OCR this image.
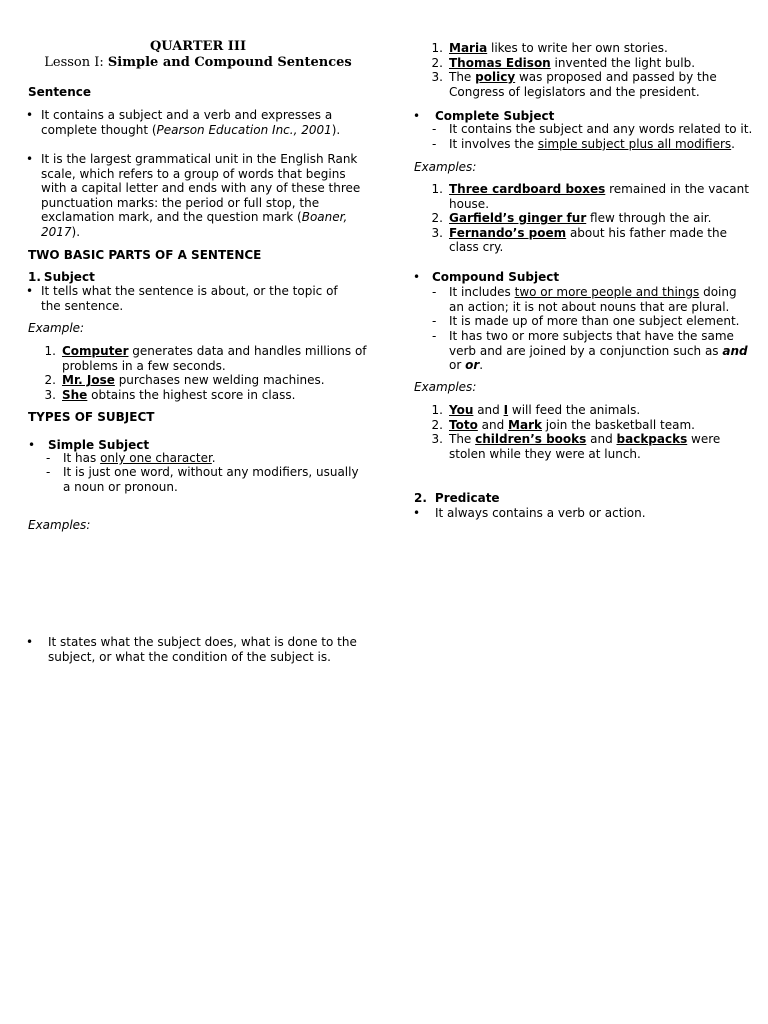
QUARTER III
Lesson I: Simple and Compound Sentences
Sentence
• It contains a subject and a verb and expresses a complete thought (Pearson Education Inc., 2001).
• It is the largest grammatical unit in the English Rank scale, which refers to a group of words that begins with a capital letter and ends with any of these three punctuation marks: the period or full stop, the exclamation mark, and the question mark (Boaner, 2017).
TWO BASIC PARTS OF A SENTENCE
1. Subject
• It tells what the sentence is about, or the topic of the sentence.
Example:
1. Computer generates data and handles millions of problems in a few seconds.
2. Mr. Jose purchases new welding machines.
3. She obtains the highest score in class.
TYPES OF SUBJECT
• Simple Subject
- It has only one character.
- It is just one word, without any modifiers, usually a noun or pronoun.
Examples:
• It states what the subject does, what is done to the subject, or what the condition of the subject is.
1. Maria likes to write her own stories.
2. Thomas Edison invented the light bulb.
3. The policy was proposed and passed by the Congress of legislators and the president.
• Complete Subject
- It contains the subject and any words related to it.
- It involves the simple subject plus all modifiers.
Examples:
1. Three cardboard boxes remained in the vacant house.
2. Garfield’s ginger fur flew through the air.
3. Fernando’s poem about his father made the class cry.
• Compound Subject
- It includes two or more people and things doing an action; it is not about nouns that are plural.
- It is made up of more than one subject element.
- It has two or more subjects that have the same verb and are joined by a conjunction such as and or or.
Examples:
1. You and I will feed the animals.
2. Toto and Mark join the basketball team.
3. The children’s books and backpacks were stolen while they were at lunch.
2. Predicate
• It always contains a verb or action.
